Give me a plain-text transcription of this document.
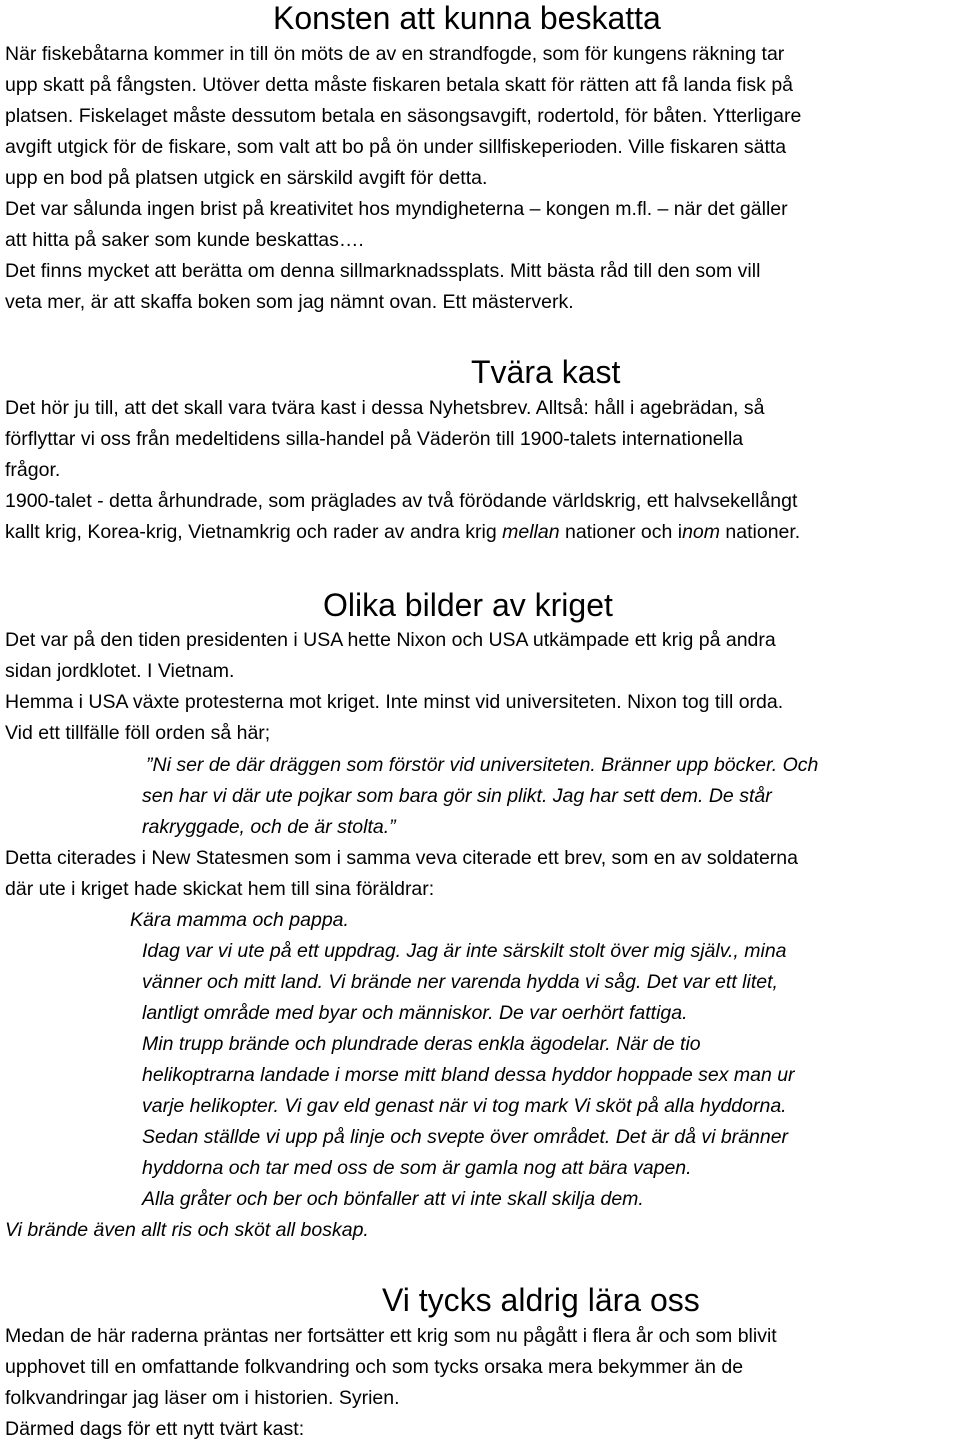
Konsten att kunna beskatta
När fiskebåtarna kommer in till ön möts de av en strandfogde, som för kungens räkning tar
upp skatt på fångsten. Utöver detta måste fiskaren betala skatt för rätten att få landa fisk på
platsen. Fiskelaget måste dessutom betala en säsongsavgift, rodertold, för båten. Ytterligare
avgift utgick för de fiskare, som valt att bo på ön under sillfiskeperioden. Ville fiskaren sätta
upp en bod på platsen utgick en särskild avgift för detta.
Det var sålunda ingen brist på kreativitet hos myndigheterna – kongen m.fl. – när det gäller
att hitta på saker som kunde beskattas….
Det finns mycket att berätta om denna sillmarknadssplats. Mitt bästa råd till den som vill
veta mer, är att skaffa boken som jag nämnt ovan. Ett mästerverk.
Tvära kast
Det hör ju till, att det skall vara tvära kast i dessa Nyhetsbrev. Alltså: håll i agebrädan, så
förflyttar vi oss från medeltidens silla-handel på Väderön till 1900-talets internationella
frågor.
1900-talet - detta århundrade, som präglades av två förödande världskrig, ett halvsekellångt
kallt krig, Korea-krig, Vietnamkrig och rader av andra krig mellan nationer och inom nationer.
Olika bilder av kriget
Det var på den tiden presidenten i USA hette Nixon och USA utkämpade ett krig på andra
sidan jordklotet. I Vietnam.
Hemma i USA växte protesterna mot kriget. Inte minst vid universiteten. Nixon tog till orda.
Vid ett tillfälle föll orden så här;
”Ni ser de där dräggen som förstör vid universiteten. Bränner upp böcker. Och
sen har vi där ute pojkar som bara gör sin plikt. Jag har sett dem. De står
rakryggade, och de är stolta.”
Detta citerades i New Statesmen som i samma veva citerade ett brev, som en av soldaterna
där ute i kriget hade skickat hem till sina föräldrar:
Kära mamma och pappa.
Idag var vi ute på ett uppdrag. Jag är inte särskilt stolt över mig själv., mina
vänner och mitt land. Vi brände ner varenda hydda vi såg. Det var ett litet,
lantligt område med byar och människor. De var oerhört fattiga.
Min trupp brände och plundrade deras enkla ägodelar. När de tio
helikoptrarna landade i morse mitt bland dessa hyddor hoppade sex man ur
varje helikopter. Vi gav eld genast när vi tog mark Vi sköt på alla hyddorna.
Sedan ställde vi upp på linje och svepte över området. Det är då vi bränner
hyddorna och tar med oss de som är gamla nog att bära vapen.
Alla gråter och ber och bönfaller att vi inte skall skilja dem.
Vi brände även allt ris och sköt all boskap.
Vi tycks aldrig lära oss
Medan de här raderna präntas ner fortsätter ett krig som nu pågått i flera år och som blivit
upphovet till en omfattande folkvandring och som tycks orsaka mera bekymmer än de
folkvandringar jag läser om i historien. Syrien.
Därmed dags för ett nytt tvärt kast:
